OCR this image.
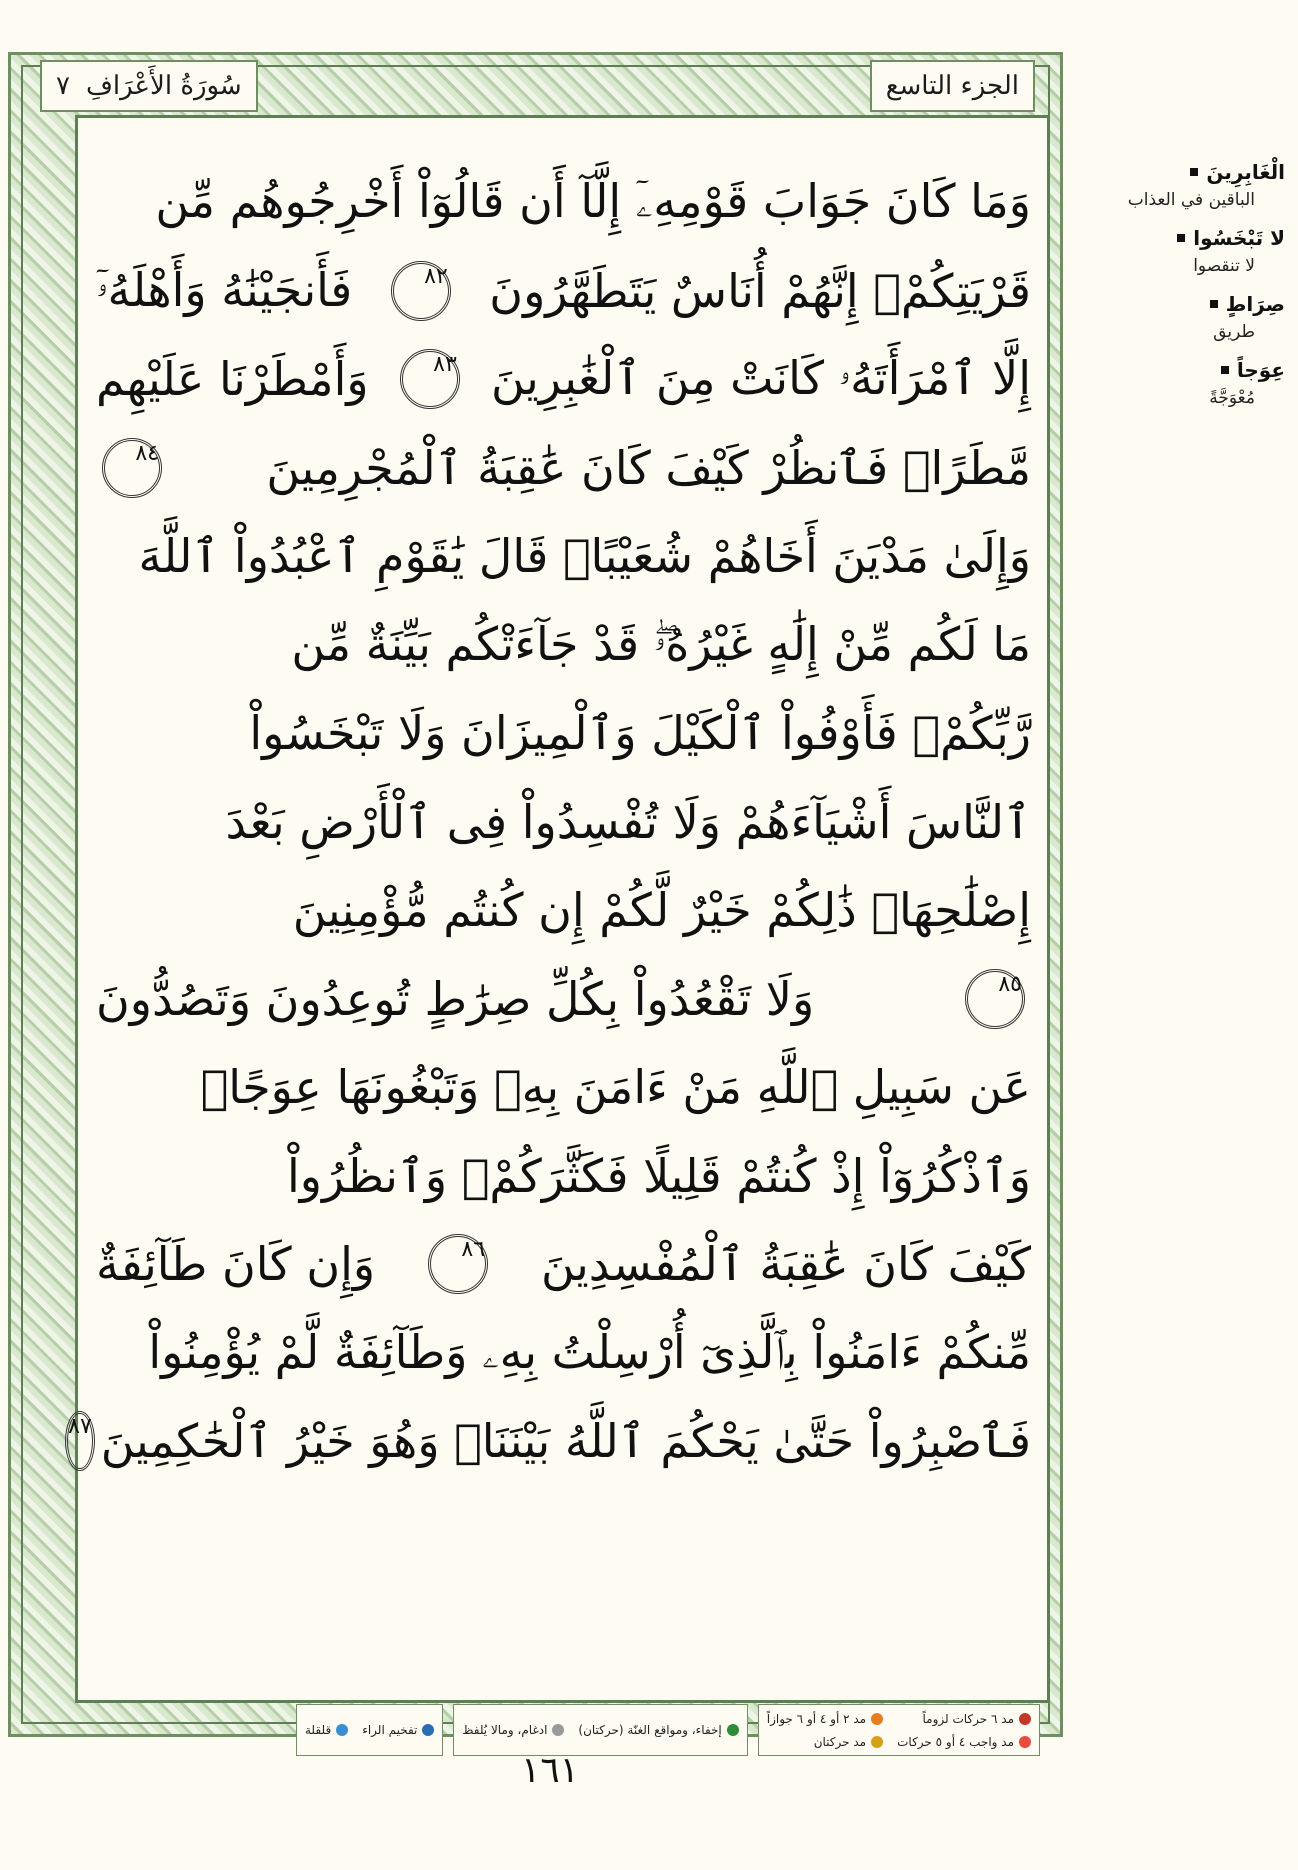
سُورَةُ الأَعْرَافِ
٧	الجزء التاسع
وَمَا كَانَ جَوَابَ قَوْمِهِۦٓ إِلَّآ أَن قَالُوٓاْ أَخْرِجُوهُم مِّن
قَرْيَتِكُمْۖ إِنَّهُمْ أُنَاسٌ يَتَطَهَّرُونَ
٨٢
فَأَنجَيْنَٰهُ وَأَهْلَهُۥٓ
إِلَّا ٱمْرَأَتَهُۥ كَانَتْ مِنَ ٱلْغَٰبِرِينَ
٨٣
وَأَمْطَرْنَا عَلَيْهِم
مَّطَرًاۖ فَٱنظُرْ كَيْفَ كَانَ عَٰقِبَةُ ٱلْمُجْرِمِينَ
٨٤
وَإِلَىٰ مَدْيَنَ أَخَاهُمْ شُعَيْبًاۗ قَالَ يَٰقَوْمِ ٱعْبُدُواْ ٱللَّهَ
مَا لَكُم مِّنْ إِلَٰهٍ غَيْرُهُۥۖ قَدْ جَآءَتْكُم بَيِّنَةٌ مِّن
رَّبِّكُمْۖ فَأَوْفُواْ ٱلْكَيْلَ وَٱلْمِيزَانَ وَلَا تَبْخَسُواْ
ٱلنَّاسَ أَشْيَآءَهُمْ وَلَا تُفْسِدُواْ فِى ٱلْأَرْضِ بَعْدَ
إِصْلَٰحِهَاۚ ذَٰلِكُمْ خَيْرٌ لَّكُمْ إِن كُنتُم مُّؤْمِنِينَ
٨٥
وَلَا تَقْعُدُواْ بِكُلِّ صِرَٰطٍ تُوعِدُونَ وَتَصُدُّونَ
عَن سَبِيلِ ٱللَّهِ مَنْ ءَامَنَ بِهِۦ وَتَبْغُونَهَا عِوَجًاۚ
وَٱذْكُرُوٓاْ إِذْ كُنتُمْ قَلِيلًا فَكَثَّرَكُمْۖ وَٱنظُرُواْ
كَيْفَ كَانَ عَٰقِبَةُ ٱلْمُفْسِدِينَ
٨٦
وَإِن كَانَ طَآئِفَةٌ
مِّنكُمْ ءَامَنُواْ بِٱلَّذِىٓ أُرْسِلْتُ بِهِۦ وَطَآئِفَةٌ لَّمْ يُؤْمِنُواْ
فَٱصْبِرُواْ حَتَّىٰ يَحْكُمَ ٱللَّهُ بَيْنَنَاۚ وَهُوَ خَيْرُ ٱلْحَٰكِمِينَ
٨٧
الْغَابِرِينَ
الباقين في العذاب
لا تَبْخَسُوا
لا تنقصوا
صِرَاطٍ
طريق
عِوَجاً
مُعْوَجَّةً
مد ٦ حركات لزوماً
مد ٢ أو ٤ أو ٦ جوازاً
مد واجب ٤ أو ٥ حركات
مد حركتان
إخفاء، ومواقع الغنّة (حركتان)
ادغام، ومالا يُلفظ
تفخيم الراء
قلقلة
١٦١
